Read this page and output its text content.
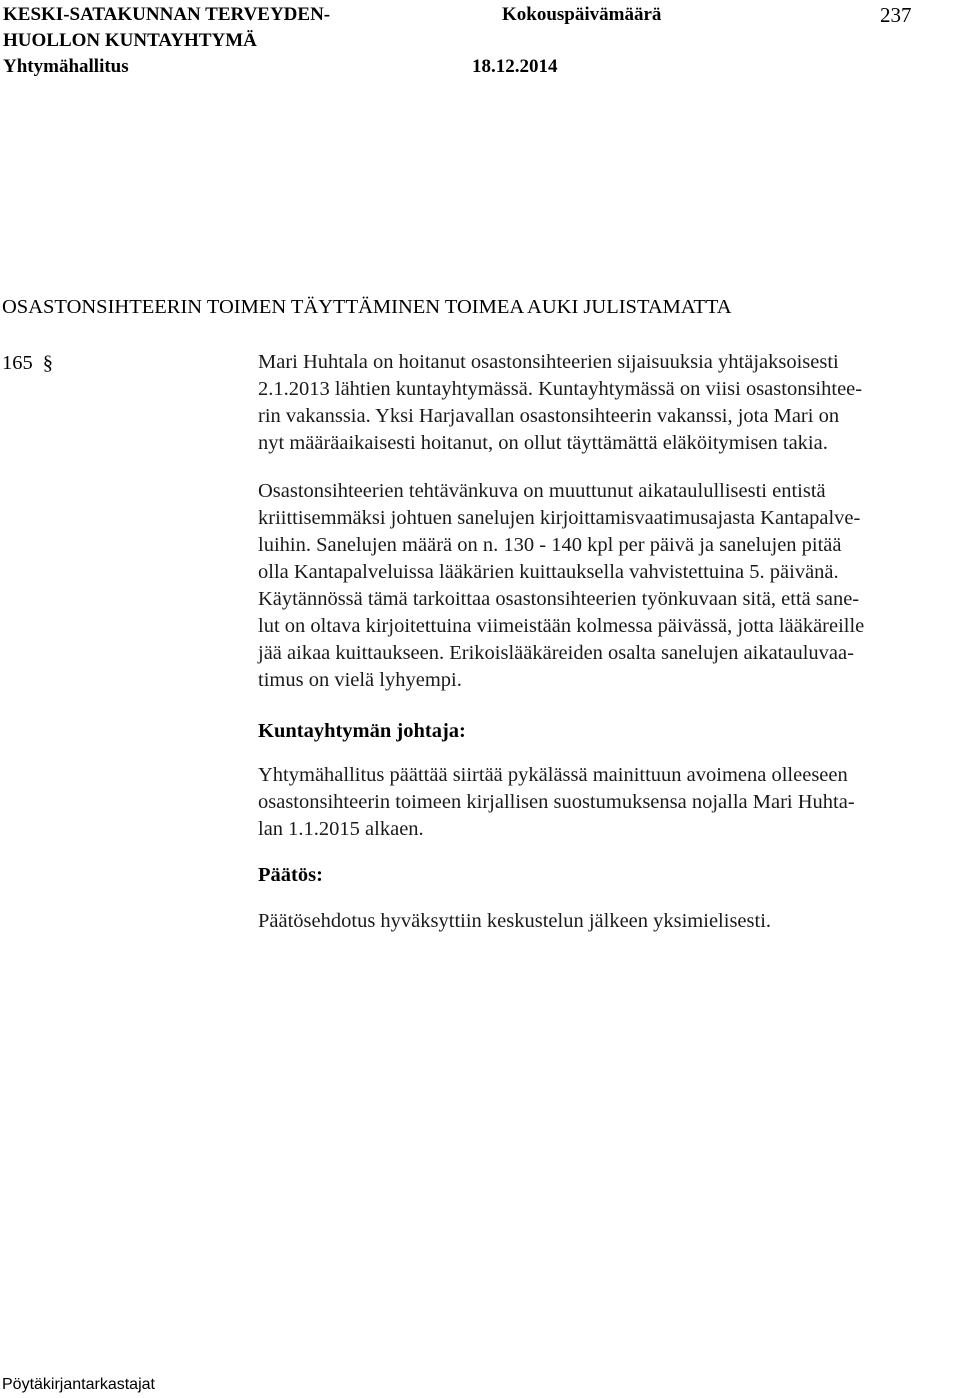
KESKI-SATAKUNNAN TERVEYDEN-
HUOLLON KUNTAYHTYMÄ
Yhtymähallitus
Kokouspäivämäärä
18.12.2014
237
OSASTONSIHTEERIN TOIMEN TÄYTTÄMINEN TOIMEA AUKI JULISTAMATTA
165 §	Mari Huhtala on hoitanut osastonsihteerien sijaisuuksia yhtäjaksoisesti
2.1.2013 lähtien kuntayhtymässä. Kuntayhtymässä on viisi osastonsihtee-
rin vakanssia. Yksi Harjavallan osastonsihteerin vakanssi, jota Mari on
nyt määräaikaisesti hoitanut, on ollut täyttämättä eläköitymisen takia.
Osastonsihteerien tehtävänkuva on muuttunut aikataulullisesti entistä
kriittisemmäksi johtuen sanelujen kirjoittamisvaatimusajasta Kantapalve-
luihin. Sanelujen määrä on n. 130 - 140 kpl per päivä ja sanelujen pitää
olla Kantapalveluissa lääkärien kuittauksella vahvistettuina 5. päivänä.
Käytännössä tämä tarkoittaa osastonsihteerien työnkuvaan sitä, että sane-
lut on oltava kirjoitettuina viimeistään kolmessa päivässä, jotta lääkäreille
jää aikaa kuittaukseen. Erikoislääkäreiden osalta sanelujen aikatauluvaa-
timus on vielä lyhyempi.
Kuntayhtymän johtaja:
Yhtymähallitus päättää siirtää pykälässä mainittuun avoimena olleeseen
osastonsihteerin toimeen kirjallisen suostumuksensa nojalla Mari Huhta-
lan 1.1.2015 alkaen.
Päätös:
Päätösehdotus hyväksyttiin keskustelun jälkeen yksimielisesti.
Pöytäkirjantarkastajat
